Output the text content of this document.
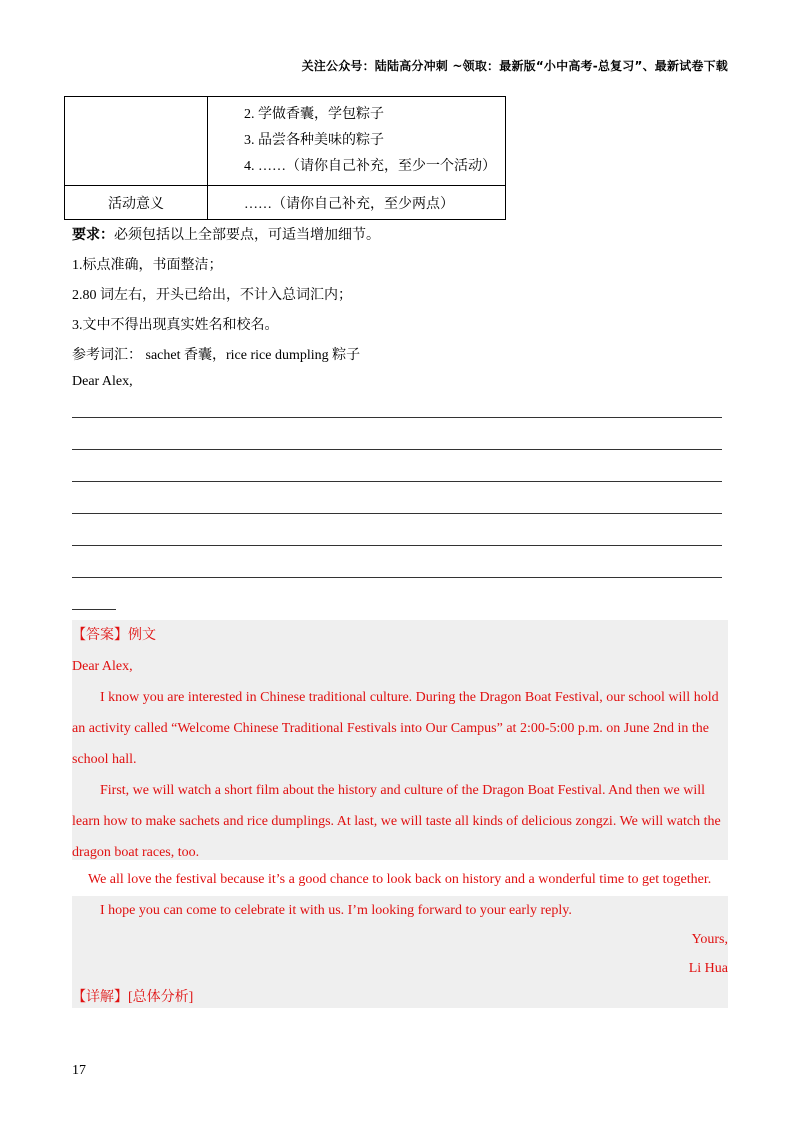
关注公众号：陆陆高分冲刺 ~领取：最新版“小中高考-总复习”、最新试卷下载

	2. 学做香囊，学包粽子
3. 品尝各种美味的粽子
4. ……（请你自己补充，至少一个活动）

活动意义	……（请你自己补充，至少两点）
要求：必须包括以上全部要点，可适当增加细节。
1.标点准确，书面整洁；
2.80 词左右，开头已给出，不计入总词汇内；
3.文中不得出现真实姓名和校名。
参考词汇： sachet 香囊，rice rice dumpling 粽子
Dear Alex,
【答案】例文
Dear Alex,
I know you are interested in Chinese traditional culture. During the Dragon Boat Festival, our school will hold an activity called “Welcome Chinese Traditional Festivals into Our Campus” at 2:00-5:00 p.m. on June 2nd in the school hall.
First, we will watch a short film about the history and culture of the Dragon Boat Festival. And then we will learn how to make sachets and rice dumplings. At last, we will taste all kinds of delicious zongzi. We will watch the dragon boat races, too.
We all love the festival because it’s a good chance to look back on history and a wonderful time to get together.
I hope you can come to celebrate it with us. I’m looking forward to your early reply.
Yours,
Li Hua
【详解】[总体分析]
17
